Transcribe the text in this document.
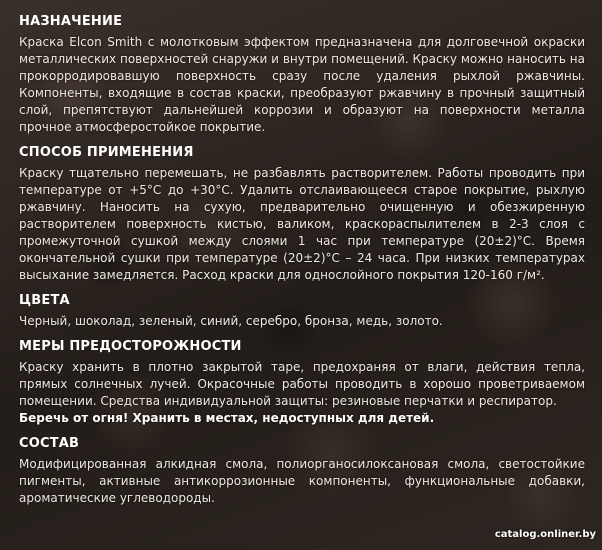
НАЗНАЧЕНИЕ

Краска Elcon Smith с молотковым эффектом предназначена для долговечной окраски металлических поверхностей снаружи и внутри помещений. Краску можно наносить на прокорродировавшую поверхность сразу после удаления рыхлой ржавчины. Компоненты, входящие в состав краски, преобразуют ржавчину в прочный защитный слой, препятствуют дальнейшей коррозии и образуют на поверхности металла прочное атмосферостойкое покрытие.

СПОСОБ ПРИМЕНЕНИЯ

Краску тщательно перемешать, не разбавлять растворителем. Работы проводить при температуре от +5°С до +30°С. Удалить отслаивающееся старое покрытие, рыхлую ржавчину. Наносить на сухую, предварительно очищенную и обезжиренную растворителем поверхность кистью, валиком, краскораспылителем в 2-3 слоя с промежуточной сушкой между слоями 1 час при температуре (20±2)°С. Время окончательной сушки при температуре (20±2)°С – 24 часа. При низких температурах высыхание замедляется. Расход краски для однослойного покрытия 120-160 г/м².

ЦВЕТА

Черный, шоколад, зеленый, синий, серебро, бронза, медь, золото.

МЕРЫ ПРЕДОСТОРОЖНОСТИ

Краску хранить в плотно закрытой таре, предохраняя от влаги, действия тепла, прямых солнечных лучей. Окрасочные работы проводить в хорошо проветриваемом помещении. Средства индивидуальной защиты: резиновые перчатки и респиратор.
Беречь от огня! Хранить в местах, недоступных для детей.

СОСТАВ

Модифицированная алкидная смола, полиорганосилоксановая смола, светостойкие пигменты, активные антикоррозионные компоненты, функциональные добавки, ароматические углеводороды.

catalog.onliner.by
